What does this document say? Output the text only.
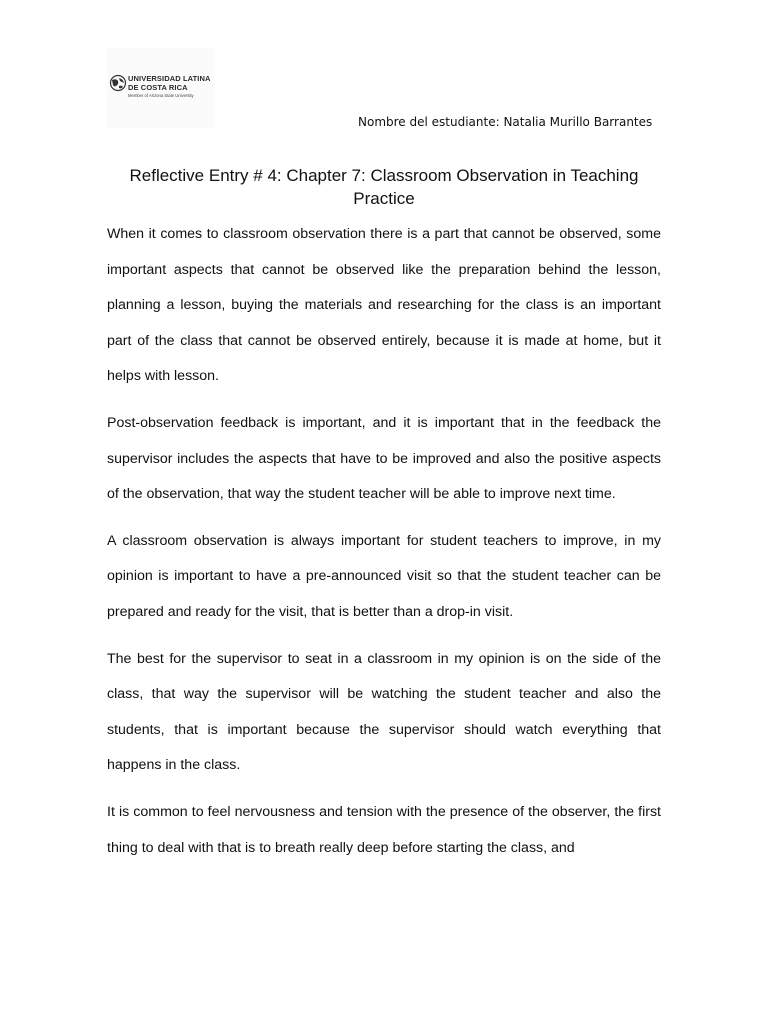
UNIVERSIDAD LATINA
DE COSTA RICA
Member of Arizona State University
Nombre del estudiante: Natalia Murillo Barrantes
Reflective Entry # 4: Chapter 7: Classroom Observation in Teaching Practice

When it comes to classroom observation there is a part that cannot be observed, some important aspects that cannot be observed like the preparation behind the lesson, planning a lesson, buying the materials and researching for the class is an important part of the class that cannot be observed entirely, because it is made at home, but it helps with lesson.

Post-observation feedback is important, and it is important that in the feedback the supervisor includes the aspects that have to be improved and also the positive aspects of the observation, that way the student teacher will be able to improve next time.

A classroom observation is always important for student teachers to improve, in my opinion is important to have a pre-announced visit so that the student teacher can be prepared and ready for the visit, that is better than a drop-in visit.

The best for the supervisor to seat in a classroom in my opinion is on the side of the class, that way the supervisor will be watching the student teacher and also the students, that is important because the supervisor should watch everything that happens in the class.

It is common to feel nervousness and tension with the presence of the observer, the first thing to deal with that is to breath really deep before starting the class, and
